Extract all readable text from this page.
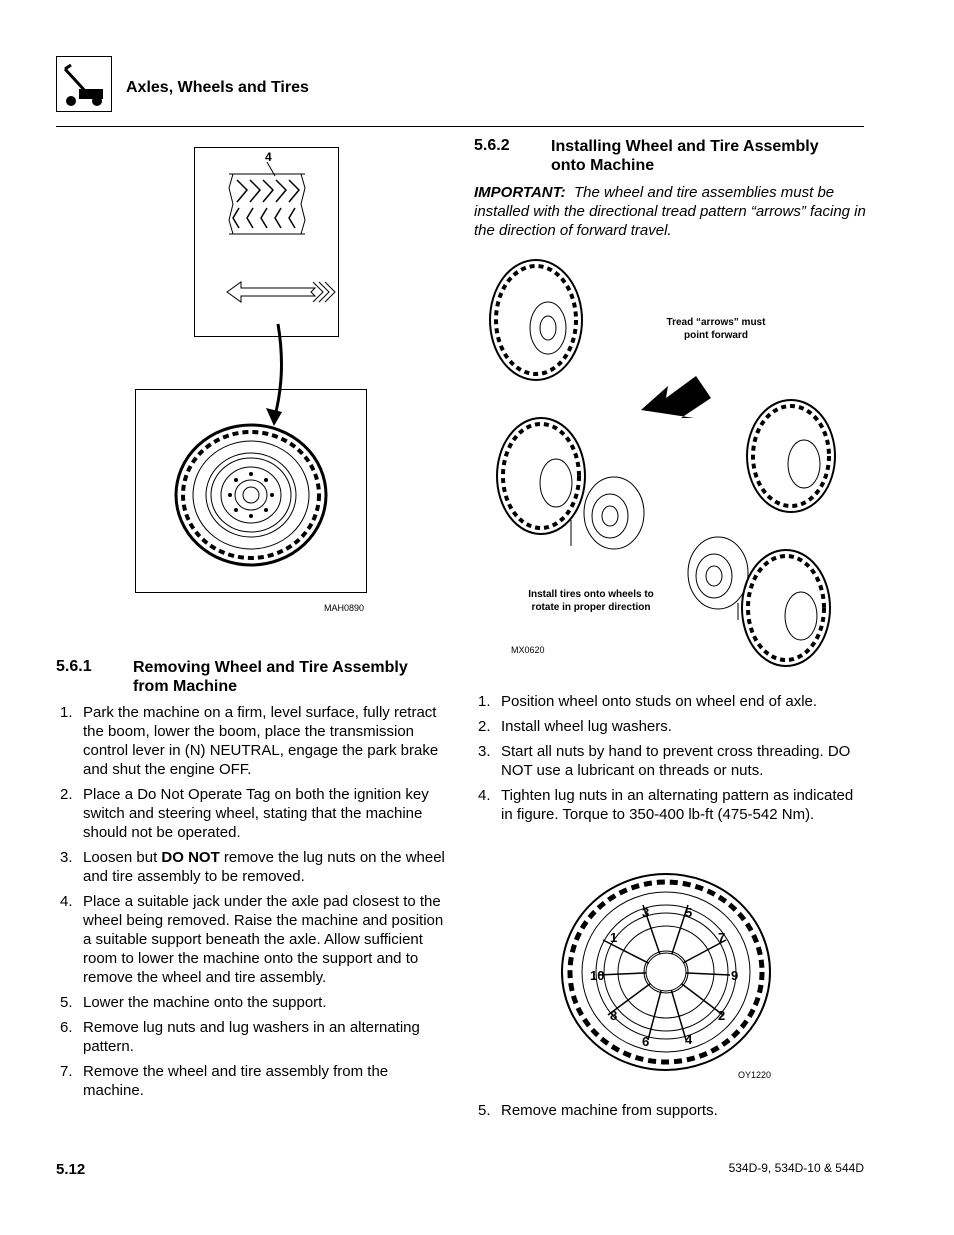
Axles, Wheels and Tires
4
MAH0890
5.6.1	Removing Wheel and Tire Assembly
from Machine
1. Park the machine on a firm, level surface, fully retract the boom, lower the boom, place the transmission control lever in (N) NEUTRAL, engage the park brake and shut the engine OFF.
2. Place a Do Not Operate Tag on both the ignition key switch and steering wheel, stating that the machine should not be operated.
3. Loosen but DO NOT remove the lug nuts on the wheel and tire assembly to be removed.
4. Place a suitable jack under the axle pad closest to the wheel being removed. Raise the machine and position a suitable support beneath the axle. Allow sufficient room to lower the machine onto the support and to remove the wheel and tire assembly.
5. Lower the machine onto the support.
6. Remove lug nuts and lug washers in an alternating pattern.
7. Remove the wheel and tire assembly from the machine.
5.6.2	Installing Wheel and Tire Assembly
onto Machine
IMPORTANT: The wheel and tire assemblies must be installed with the directional tread pattern “arrows” facing in the direction of forward travel.
Tread “arrows” must
point forward
Install tires onto wheels to
rotate in proper direction
MX0620
1. Position wheel onto studs on wheel end of axle.
2. Install wheel lug washers.
3. Start all nuts by hand to prevent cross threading. DO NOT use a lubricant on threads or nuts.
4. Tighten lug nuts in an alternating pattern as indicated in figure. Torque to 350-400 lb-ft (475-542 Nm).
3	5
1	7
10	9
8	2
6	4
OY1220
5. Remove machine from supports.
5.12	534D-9, 534D-10 & 544D
